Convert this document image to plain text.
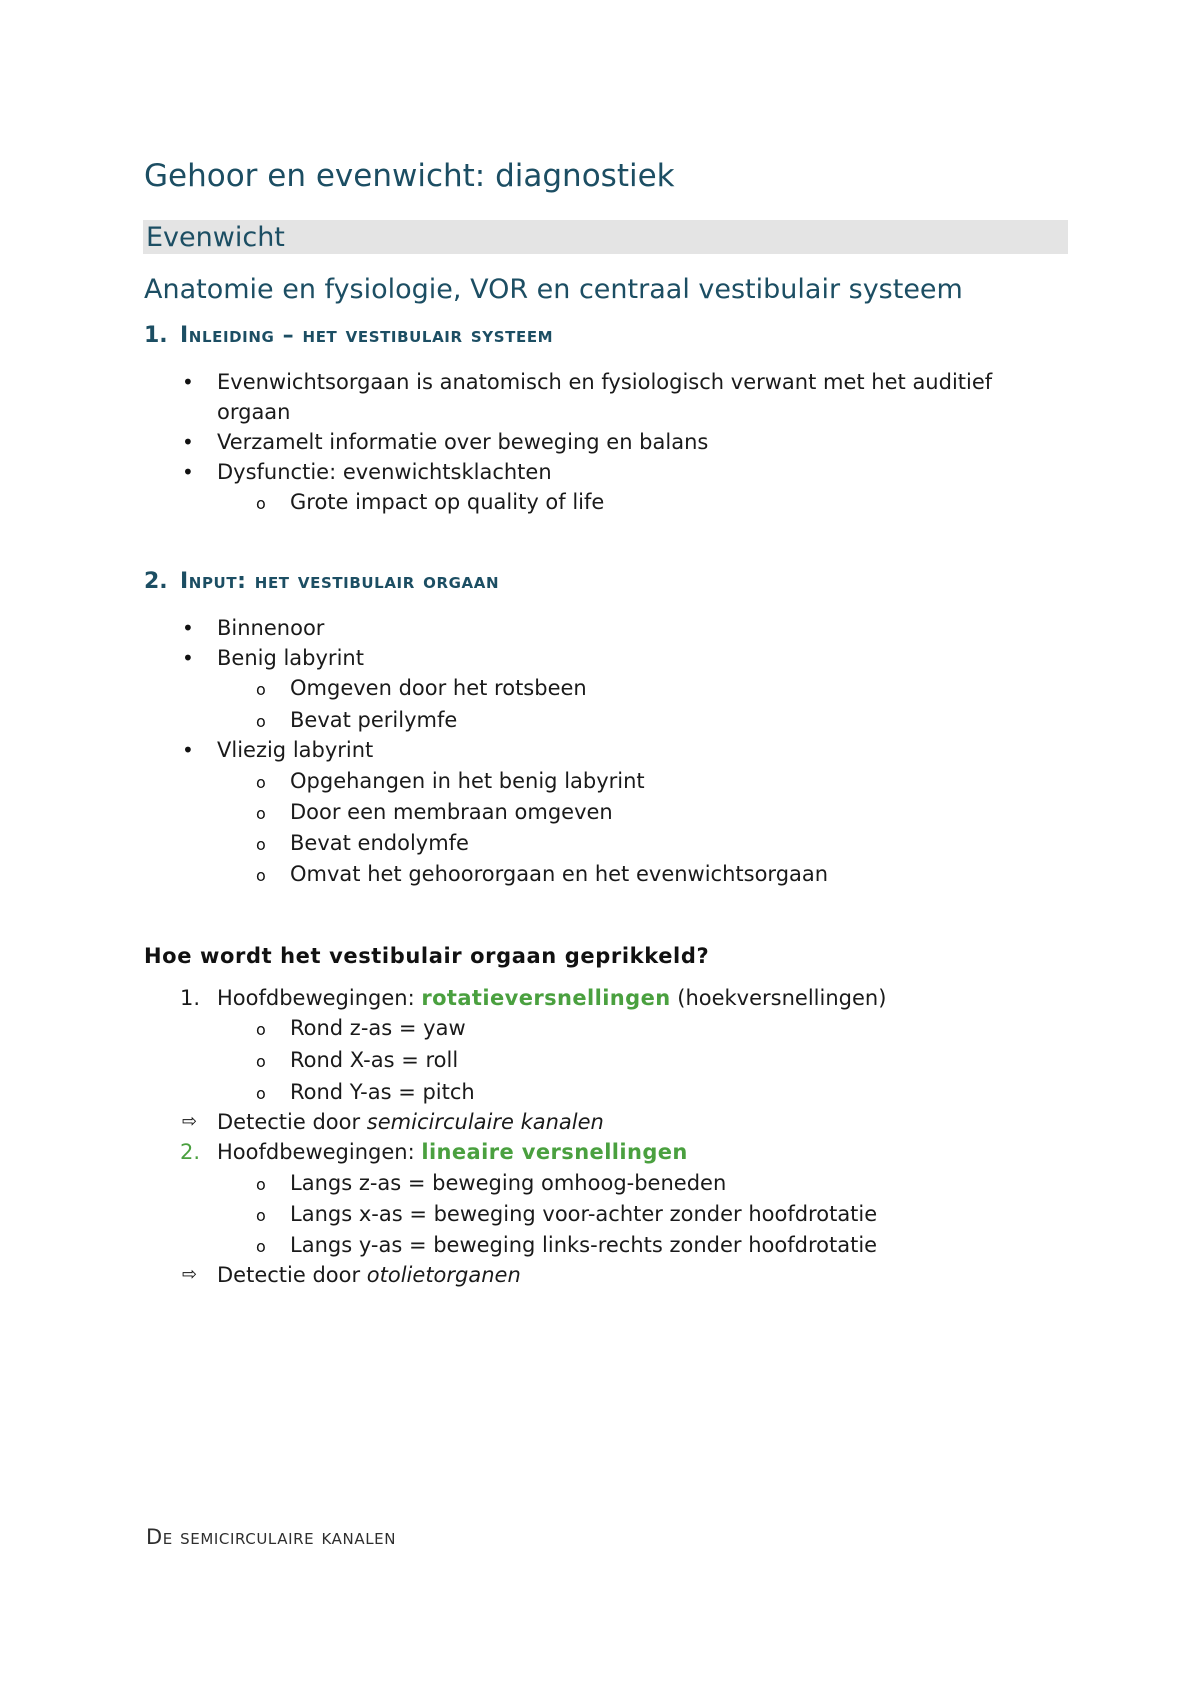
Gehoor en evenwicht: diagnostiek
Evenwicht
Anatomie en fysiologie, VOR en centraal vestibulair systeem
1. Inleiding – het vestibulair systeem
• Evenwichtsorgaan is anatomisch en fysiologisch verwant met het auditief
orgaan
• Verzamelt informatie over beweging en balans
• Dysfunctie: evenwichtsklachten
o Grote impact op quality of life
2. Input: het vestibulair orgaan
• Binnenoor
• Benig labyrint
o Omgeven door het rotsbeen
o Bevat perilymfe
• Vliezig labyrint
o Opgehangen in het benig labyrint
o Door een membraan omgeven
o Bevat endolymfe
o Omvat het gehoororgaan en het evenwichtsorgaan
Hoe wordt het vestibulair orgaan geprikkeld?
1. Hoofdbewegingen: rotatieversnellingen (hoekversnellingen)
o Rond z-as = yaw
o Rond X-as = roll
o Rond Y-as = pitch
⇨ Detectie door semicirculaire kanalen
2. Hoofdbewegingen: lineaire versnellingen
o Langs z-as = beweging omhoog-beneden
o Langs x-as = beweging voor-achter zonder hoofdrotatie
o Langs y-as = beweging links-rechts zonder hoofdrotatie
⇨ Detectie door otolietorganen
De semicirculaire kanalen
